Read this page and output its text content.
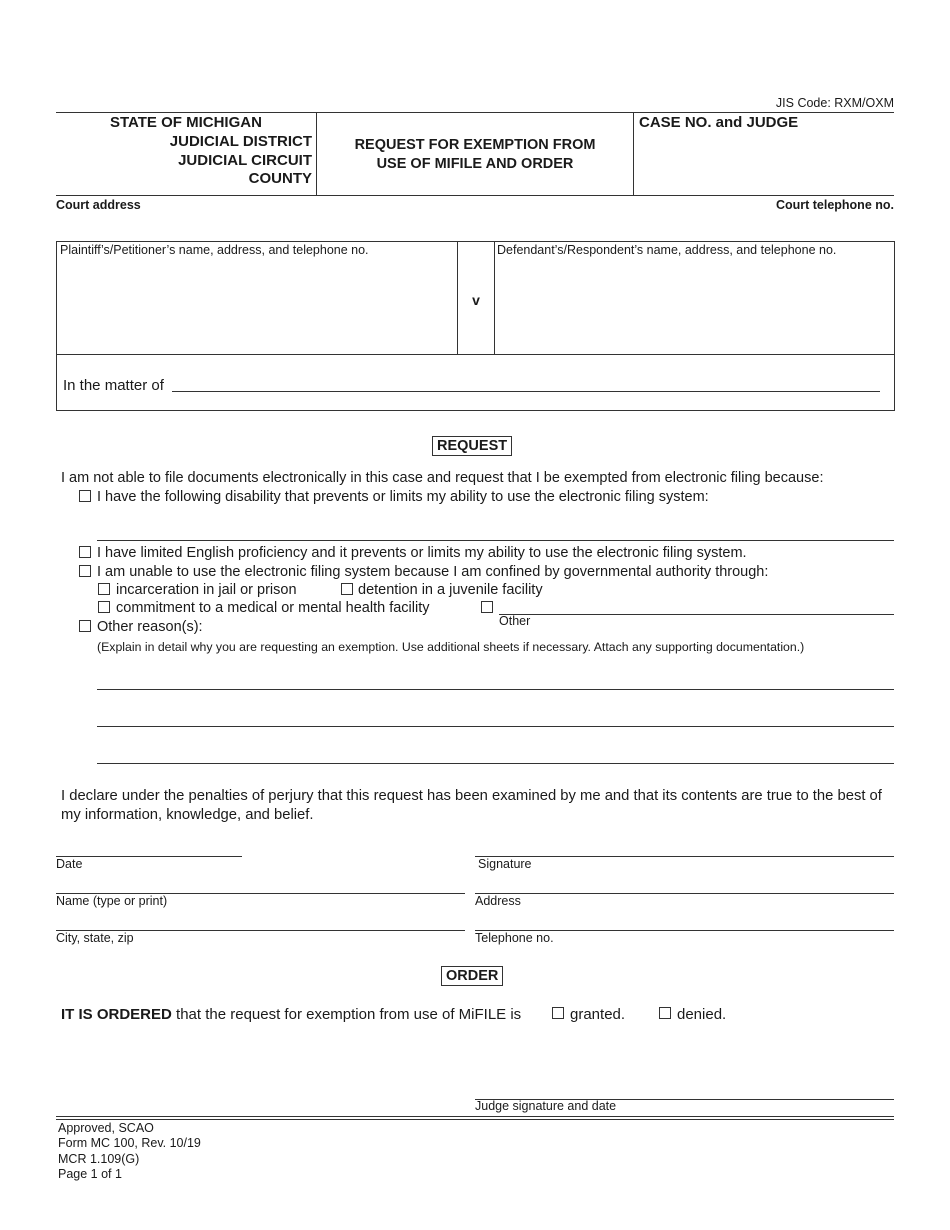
JIS Code: RXM/OXM
STATE OF MICHIGAN
JUDICIAL DISTRICT
JUDICIAL CIRCUIT
COUNTY
REQUEST FOR EXEMPTION FROM
USE OF MIFILE AND ORDER
CASE NO. and JUDGE
Court address	Court telephone no.
Plaintiff’s/Petitioner’s name, address, and telephone no.
v
Defendant’s/Respondent’s name, address, and telephone no.
In the matter of
REQUEST
I am not able to file documents electronically in this case and request that I be exempted from electronic filing because:
I have the following disability that prevents or limits my ability to use the electronic filing system:
I have limited English proficiency and it prevents or limits my ability to use the electronic filing system.
I am unable to use the electronic filing system because I am confined by governmental authority through:
incarceration in jail or prison	detention in a juvenile facility
commitment to a medical or mental health facility
Other
Other reason(s):
(Explain in detail why you are requesting an exemption. Use additional sheets if necessary. Attach any supporting documentation.)
I declare under the penalties of perjury that this request has been examined by me and that its contents are true to the best of my information, knowledge, and belief.
Date	Signature
Name (type or print)	Address
City, state, zip	Telephone no.
ORDER
IT IS ORDERED that the request for exemption from use of MiFILE is	granted.	denied.
Judge signature and date
Approved, SCAO
Form MC 100, Rev. 10/19
MCR 1.109(G)
Page 1 of 1
